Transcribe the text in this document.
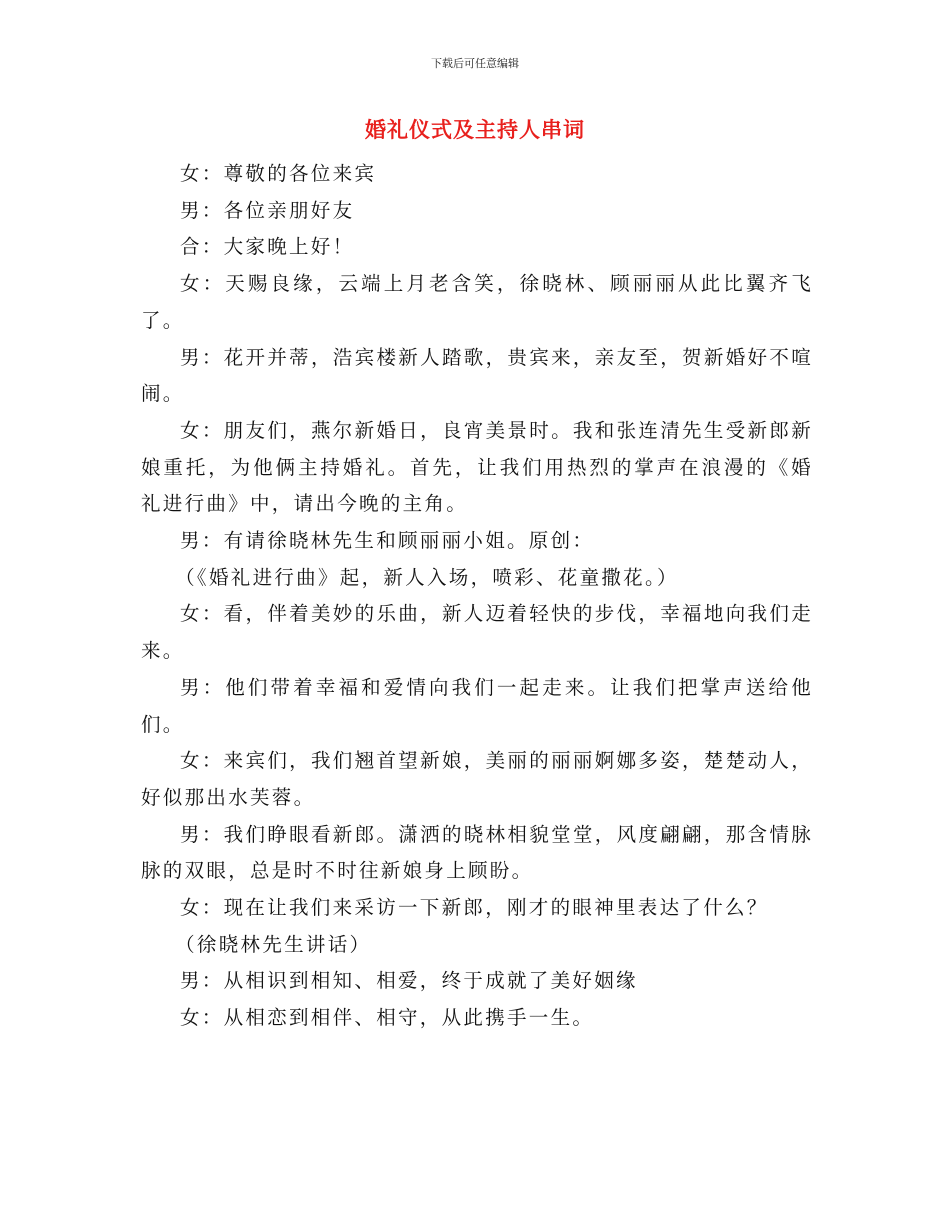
下载后可任意编辑
婚礼仪式及主持人串词

女：尊敬的各位来宾

男：各位亲朋好友

合：大家晚上好！

女：天赐良缘，云端上月老含笑，徐晓林、顾丽丽从此比翼齐飞了。

男：花开并蒂，浩宾楼新人踏歌，贵宾来，亲友至，贺新婚好不喧闹。

女：朋友们，燕尔新婚日，良宵美景时。我和张连清先生受新郎新娘重托，为他俩主持婚礼。首先，让我们用热烈的掌声在浪漫的《婚礼进行曲》中，请出今晚的主角。

男：有请徐晓林先生和顾丽丽小姐。原创：

（《婚礼进行曲》起，新人入场，喷彩、花童撒花。）

女：看，伴着美妙的乐曲，新人迈着轻快的步伐，幸福地向我们走来。

男：他们带着幸福和爱情向我们一起走来。让我们把掌声送给他们。

女：来宾们，我们翘首望新娘，美丽的丽丽婀娜多姿，楚楚动人，好似那出水芙蓉。

男：我们睁眼看新郎。潇洒的晓林相貌堂堂，风度翩翩，那含情脉脉的双眼，总是时不时往新娘身上顾盼。

女：现在让我们来采访一下新郎，刚才的眼神里表达了什么？

（徐晓林先生讲话）

男：从相识到相知、相爱，终于成就了美好姻缘

女：从相恋到相伴、相守，从此携手一生。
